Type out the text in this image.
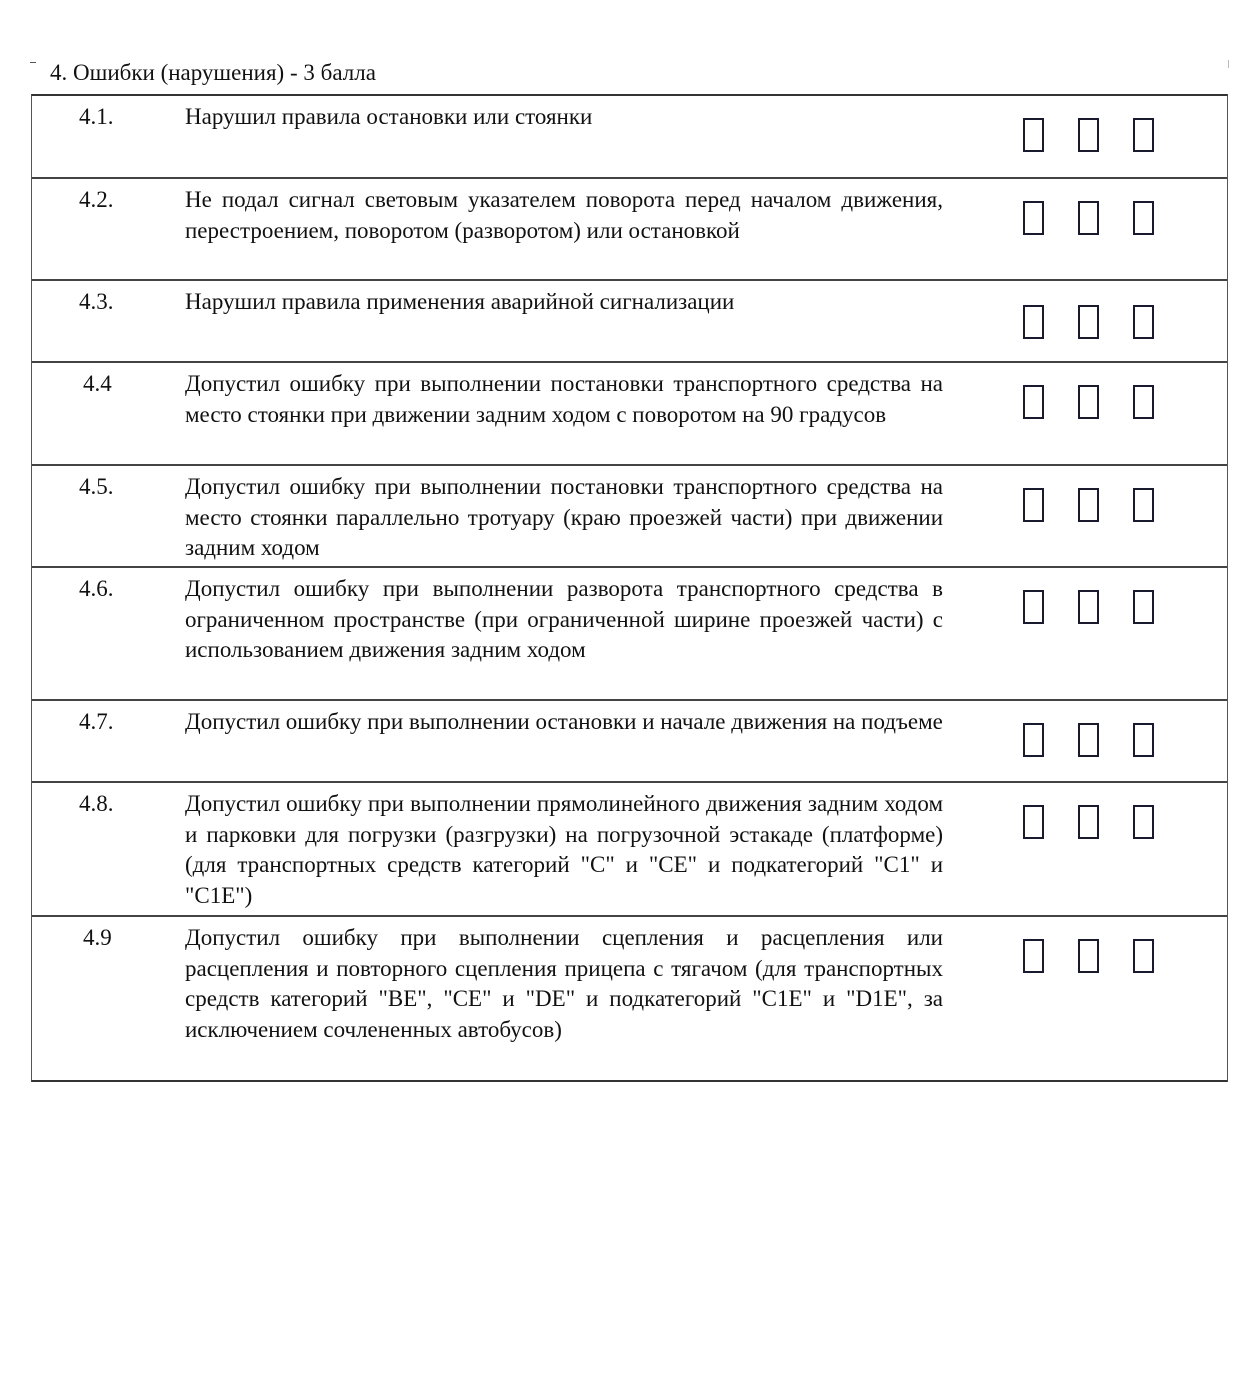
4. Ошибки (нарушения) - 3 балла
4.1.	Нарушил правила остановки или стоянки
4.2.	Не подал сигнал световым указателем поворота перед началом движения, перестроением, поворотом (разворотом) или остановкой
4.3.	Нарушил правила применения аварийной сигнализации
4.4	Допустил ошибку при выполнении постановки транспортного средства на место стоянки при движении задним ходом с поворотом на 90 градусов
4.5.	Допустил ошибку при выполнении постановки транспортного средства на место стоянки параллельно тротуару (краю проезжей части) при движении задним ходом
4.6.	Допустил ошибку при выполнении разворота транспортного средства в ограниченном пространстве (при ограниченной ширине проезжей части) с использованием движения задним ходом
4.7.	Допустил ошибку при выполнении остановки и начале движения на подъеме
4.8.	Допустил ошибку при выполнении прямолинейного движения задним ходом и парковки для погрузки (разгрузки) на погрузочной эстакаде (платформе) (для транспортных средств категорий "С" и "СЕ" и подкатегорий "С1" и "С1Е")
4.9	Допустил ошибку при выполнении сцепления и расцепления или расцепления и повторного сцепления прицепа с тягачом (для транспортных средств категорий "ВЕ", "СЕ" и "DE" и подкатегорий "С1Е" и "D1E", за исключением сочлененных автобусов)
